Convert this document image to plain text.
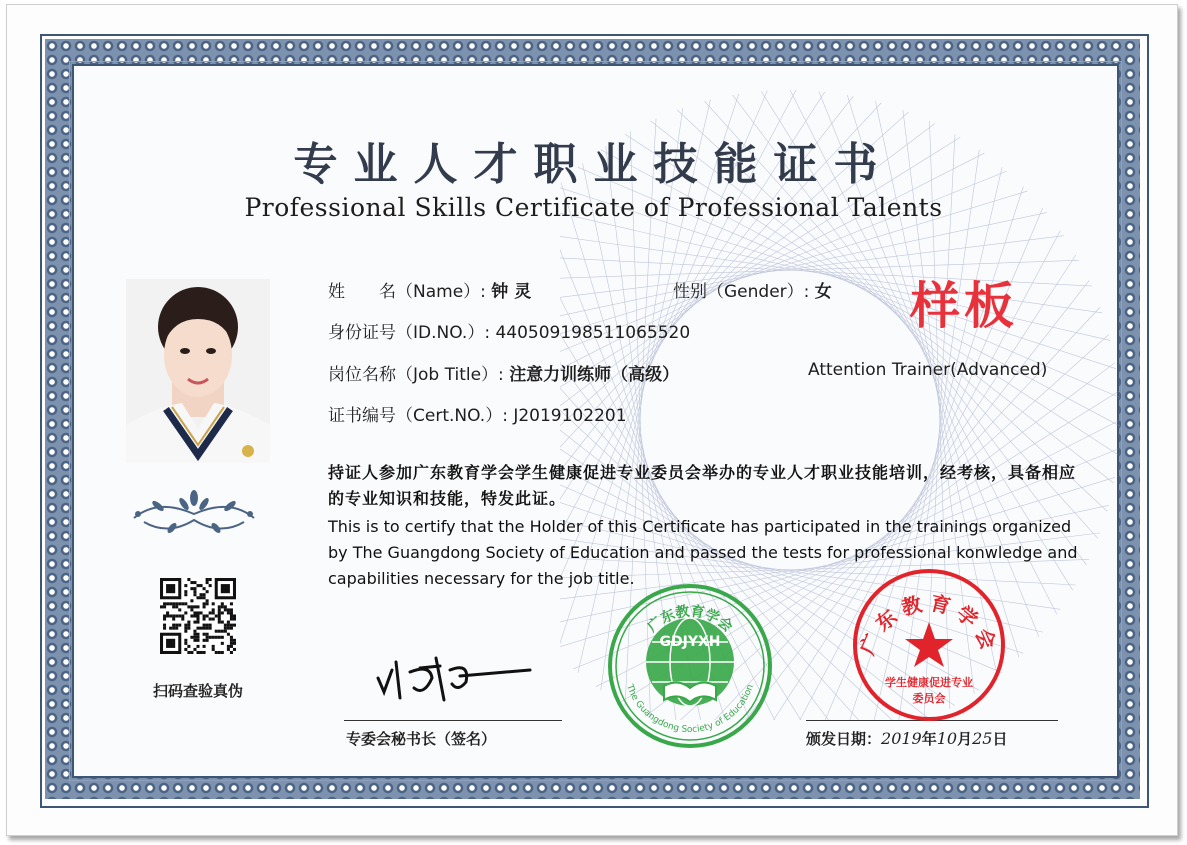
专业人才职业技能证书
Professional Skills Certificate of Professional Talents
姓　　名（Name）: 钟 灵	性别（Gender）: 女 样板
身份证号（ID.NO.）: 440509198511065520
岗位名称（Job Title）: 注意力训练师（高级）	Attention Trainer(Advanced)
证书编号（Cert.NO.）: J2019102201
持证人参加广东教育学会学生健康促进专业委员会举办的专业人才职业技能培训，经考核，具备相应的专业知识和技能，特发此证。
This is to certify that the Holder of this Certificate has participated in the trainings organized by The Guangdong Society of Education and passed the tests for professional konwledge and capabilities necessary for the job title.
扫码查验真伪
专委会秘书长（签名）	颁发日期：2019年10月25日
广东教育学会
GDJYXH
The Guangdong Society of Education
广东教育学会
学生健康促进专业
委员会
